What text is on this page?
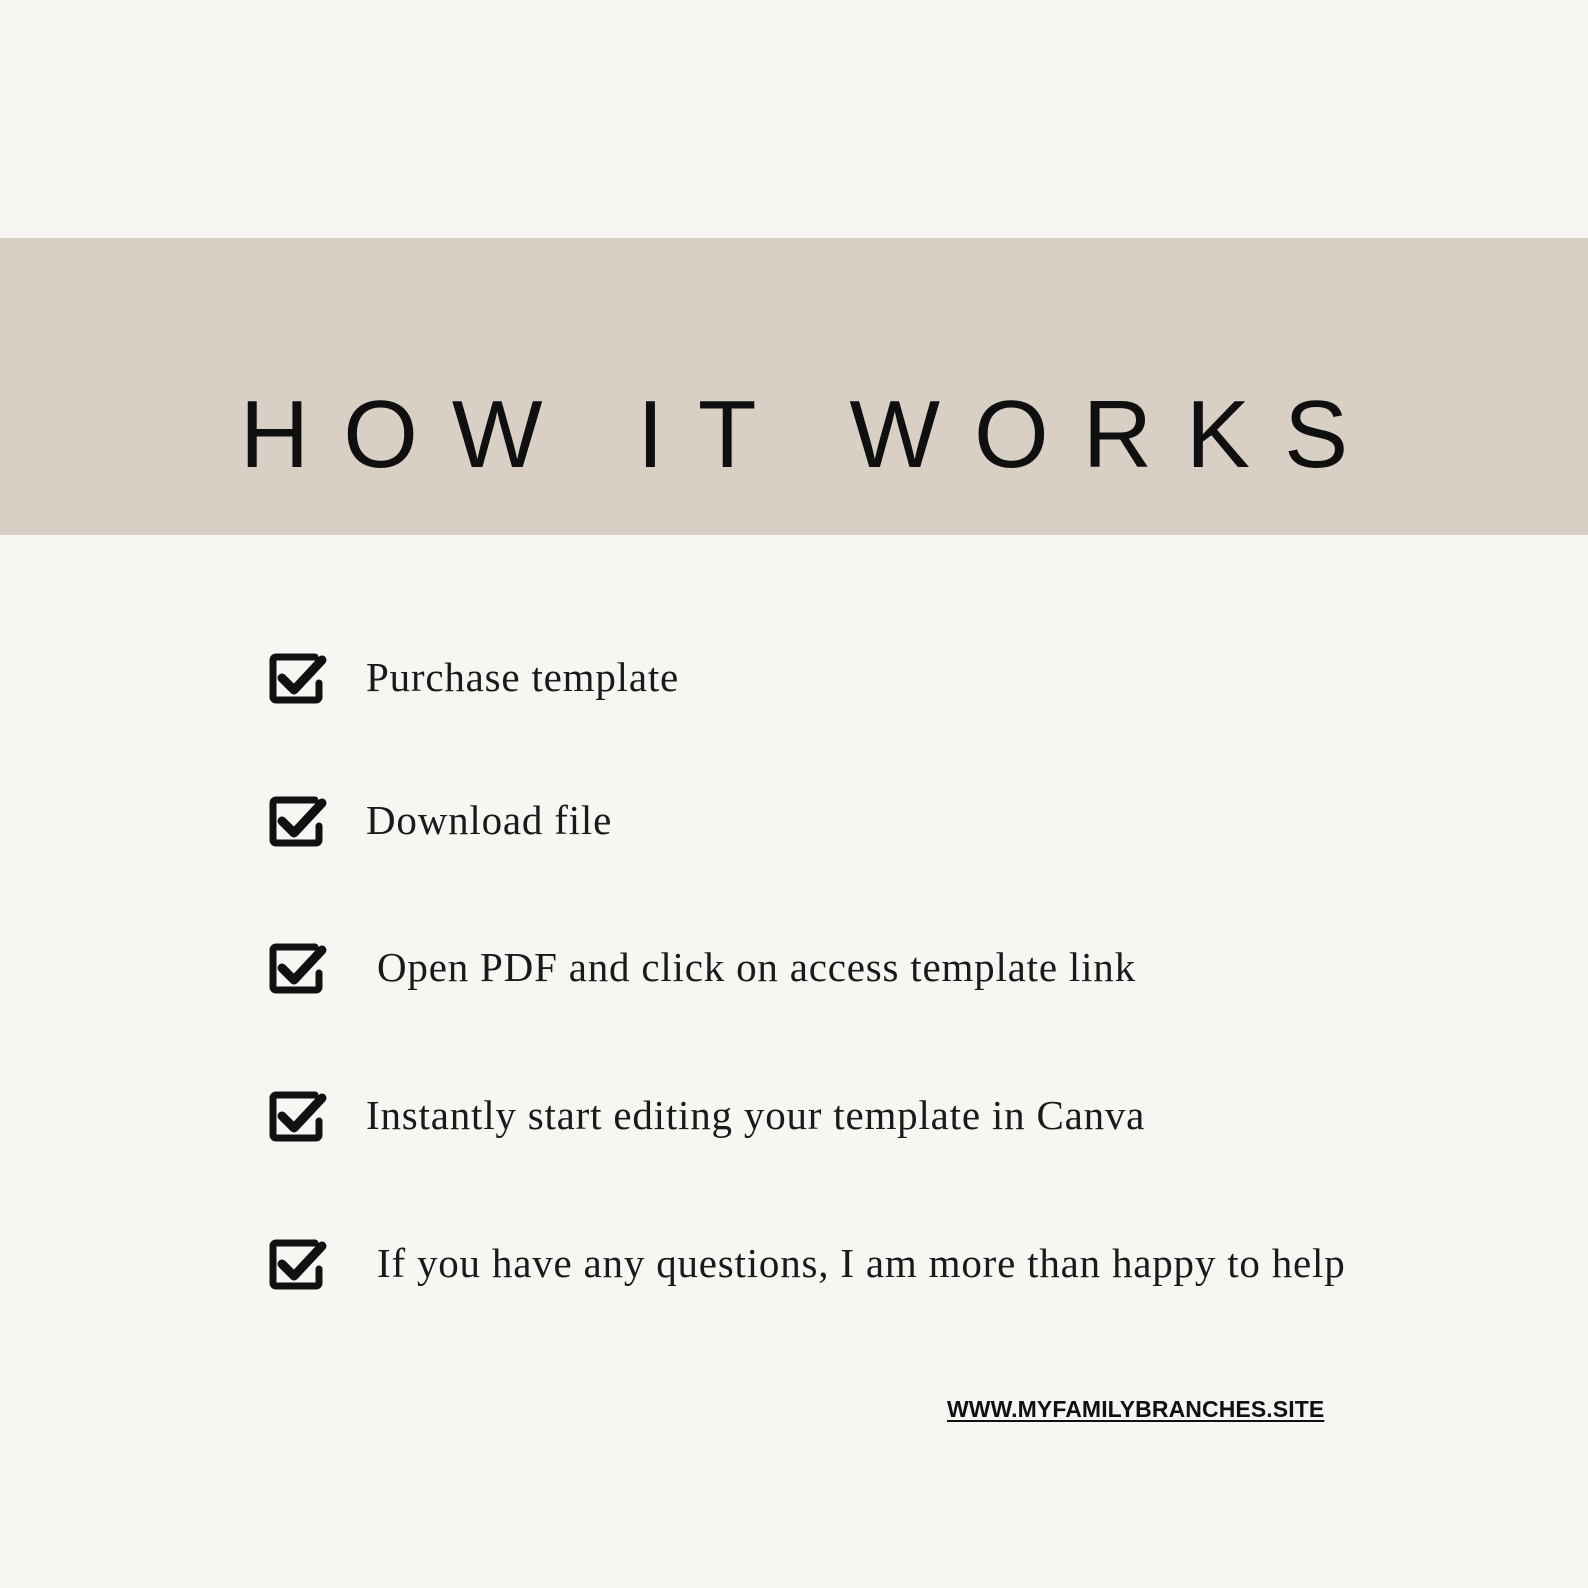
HOW IT WORKS
Purchase template
Download file
Open PDF and click on access template link
Instantly start editing your template in Canva
If you have any questions, I am more than happy to help
WWW.MYFAMILYBRANCHES.SITE
